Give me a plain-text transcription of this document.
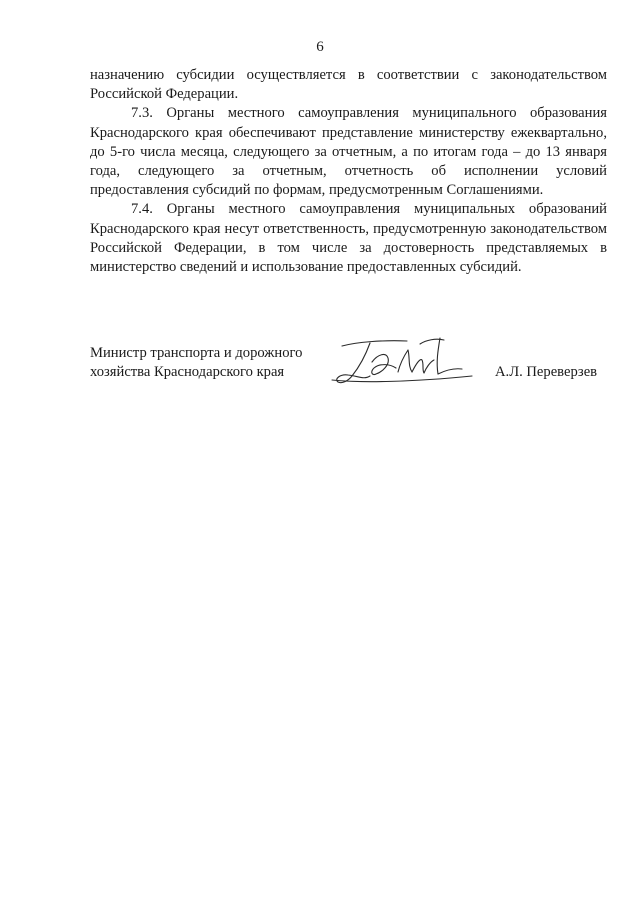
6

назначению субсидии осуществляется в соответствии с законодательством Российской Федерации.

7.3. Органы местного самоуправления муниципального образования Краснодарского края обеспечивают представление министерству ежеквартально, до 5-го числа месяца, следующего за отчетным, а по итогам года – до 13 января года, следующего за отчетным, отчетность об исполнении условий предоставления субсидий по формам, предусмотренным Соглашениями.

7.4. Органы местного самоуправления муниципальных образований Краснодарского края несут ответственность, предусмотренную законодательством Российской Федерации, в том числе за достоверность представляемых в министерство сведений и использование предоставленных субсидий.

Министр транспорта и дорожного
хозяйства Краснодарского края	А.Л. Переверзев
